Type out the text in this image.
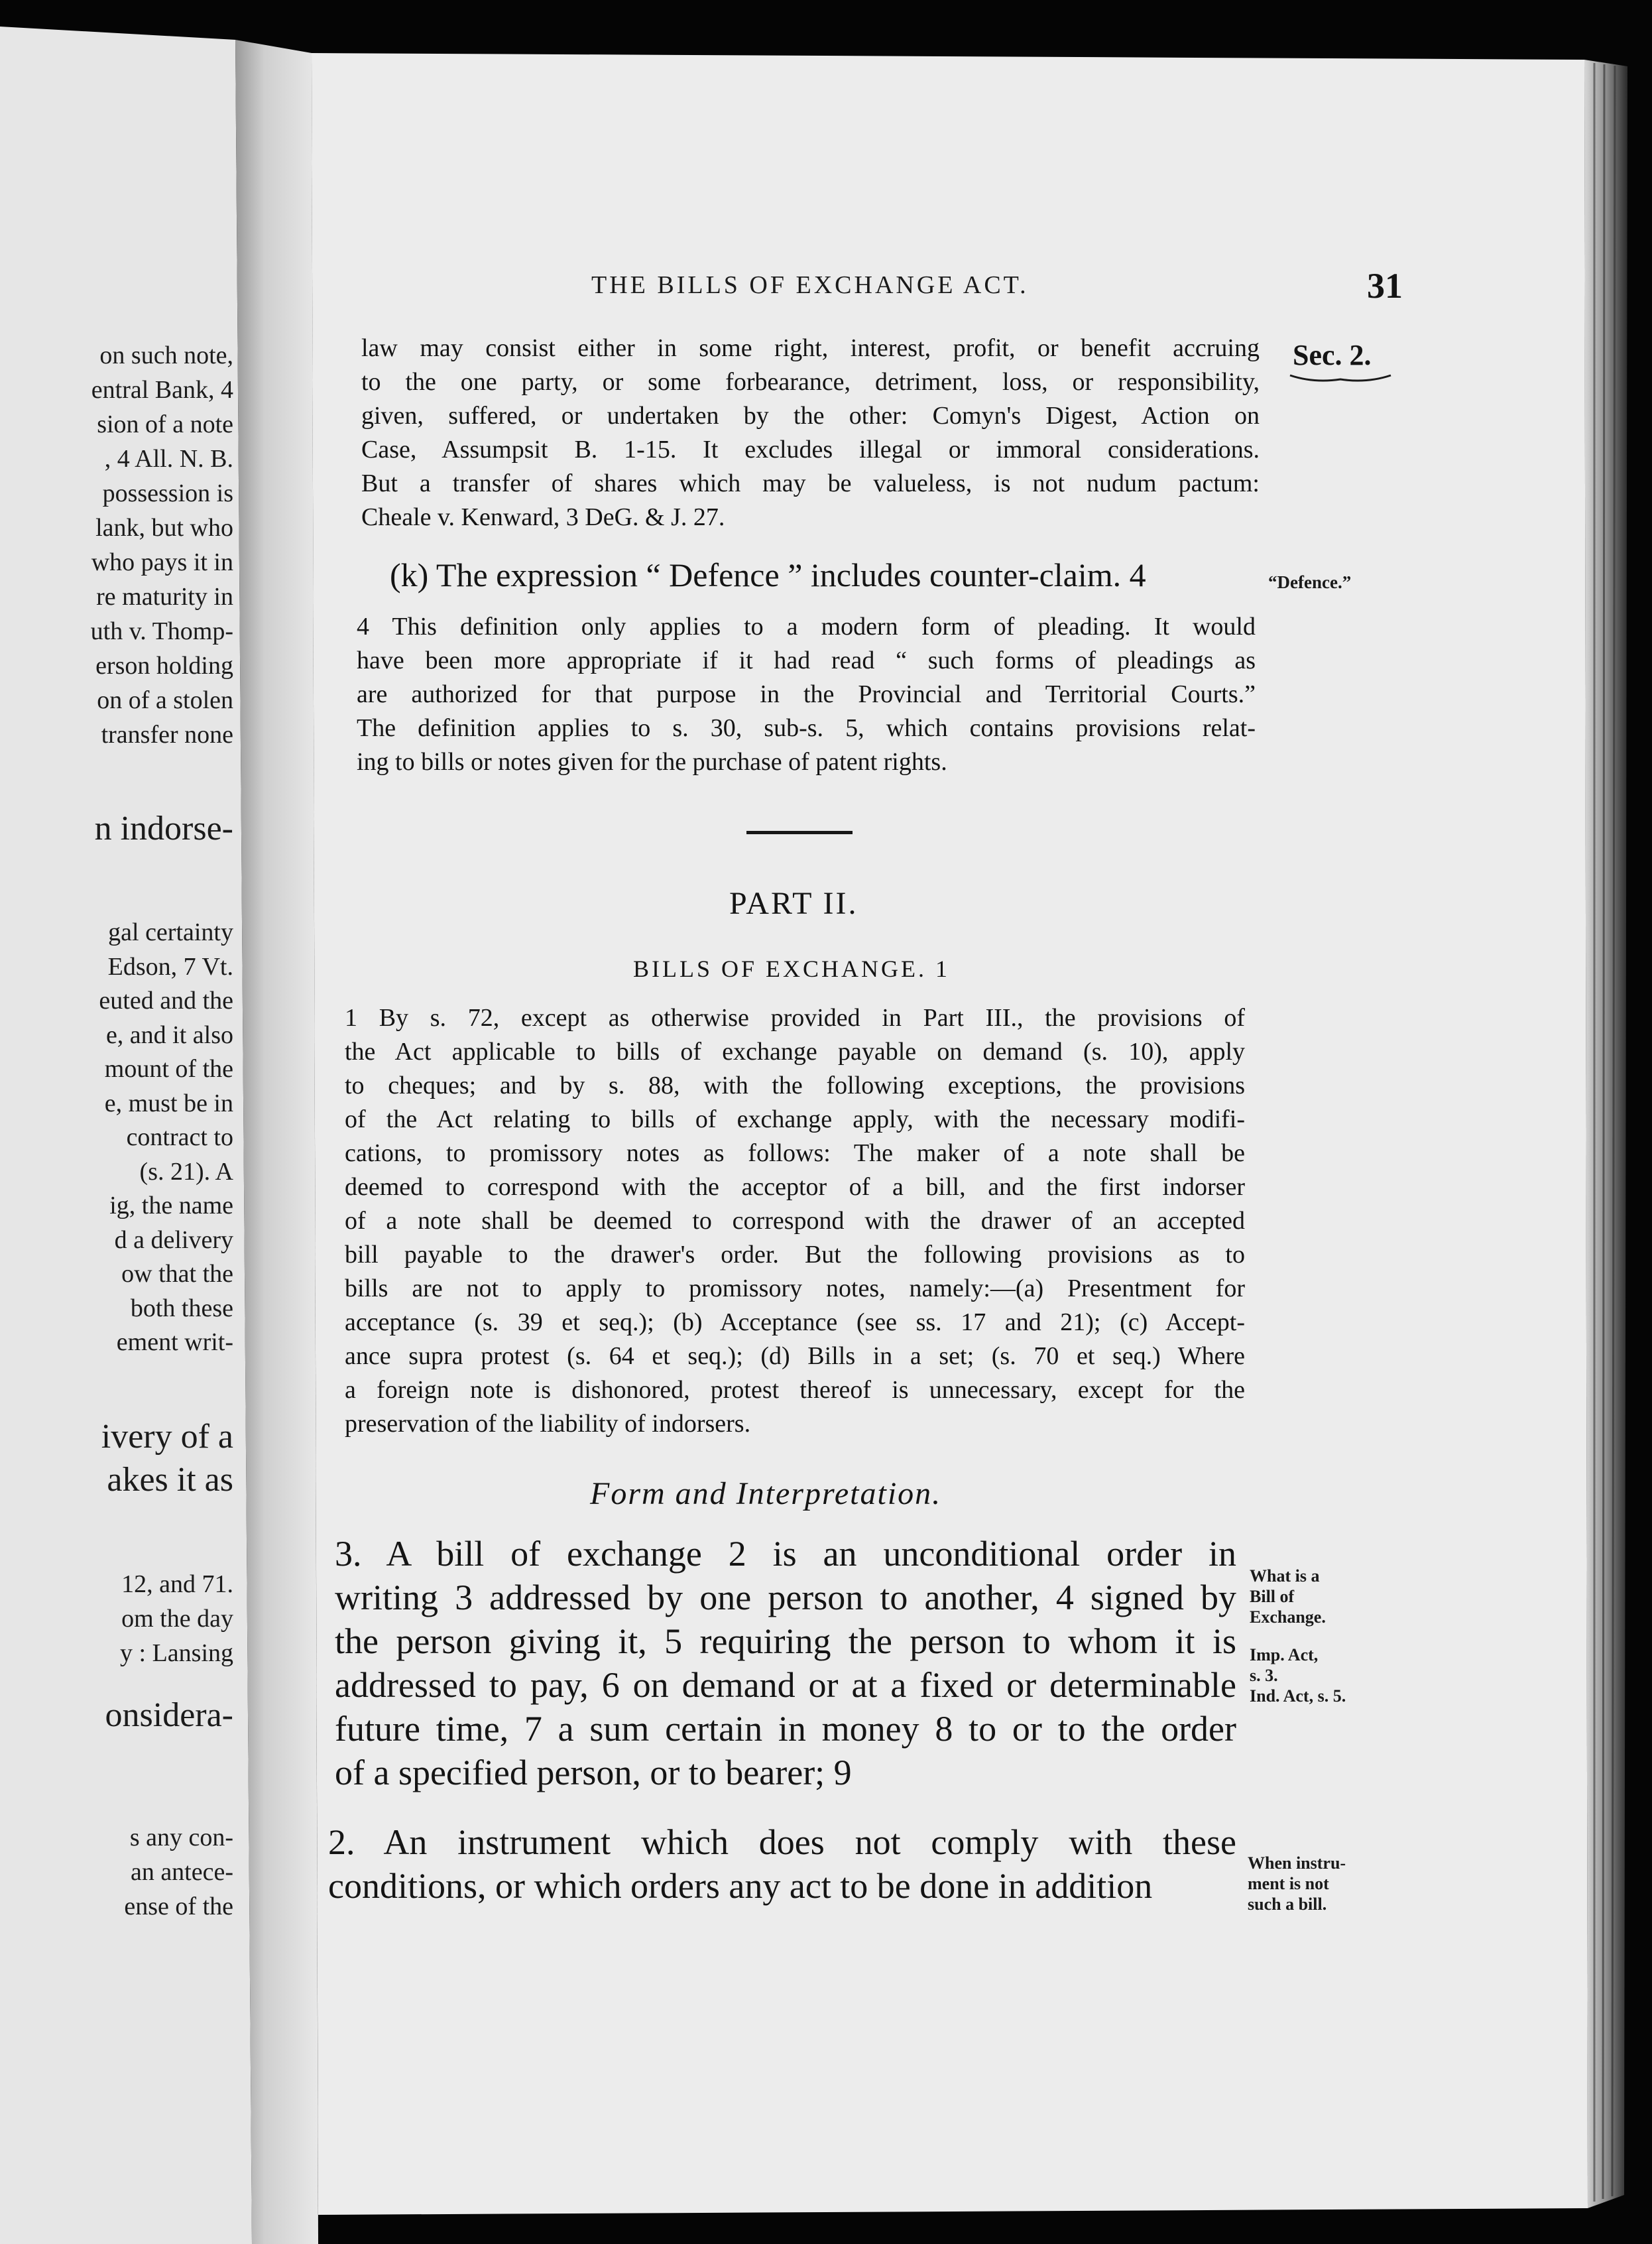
on such note,
entral Bank, 4
sion of a note
, 4 All. N. B.
possession is
lank, but who
who pays it in
re maturity in
uth v. Thomp-
erson holding
on of a stolen
transfer none
n indorse-
gal certainty
Edson, 7 Vt.
euted and the
e, and it also
mount of the
e, must be in
contract to
(s. 21). A
ig, the name
d a delivery
ow that the
both these
ement writ-
ivery of a
akes it as
12, and 71.
om the day
y : Lansing
onsidera-
s any con-
an antece-
ense of the
THE BILLS OF EXCHANGE ACT.	31
Sec. 2.
law may consist either in some right, interest, profit, or benefit accruing
to the one party, or some forbearance, detriment, loss, or responsibility,
given, suffered, or undertaken by the other: Comyn's Digest, Action on
Case, Assumpsit B. 1-15. It excludes illegal or immoral considerations.
But a transfer of shares which may be valueless, is not nudum pactum:
Cheale v. Kenward, 3 DeG. & J. 27.
(k) The expression “ Defence ” includes counter-claim. 4	“Defence.”
4 This definition only applies to a modern form of pleading. It would
have been more appropriate if it had read “ such forms of pleadings as
are authorized for that purpose in the Provincial and Territorial Courts.”
The definition applies to s. 30, sub-s. 5, which contains provisions relat-
ing to bills or notes given for the purchase of patent rights.
PART II.
BILLS OF EXCHANGE. 1
1 By s. 72, except as otherwise provided in Part III., the provisions of
the Act applicable to bills of exchange payable on demand (s. 10), apply
to cheques; and by s. 88, with the following exceptions, the provisions
of the Act relating to bills of exchange apply, with the necessary modifi-
cations, to promissory notes as follows: The maker of a note shall be
deemed to correspond with the acceptor of a bill, and the first indorser
of a note shall be deemed to correspond with the drawer of an accepted
bill payable to the drawer's order. But the following provisions as to
bills are not to apply to promissory notes, namely:—(a) Presentment for
acceptance (s. 39 et seq.); (b) Acceptance (see ss. 17 and 21); (c) Accept-
ance supra protest (s. 64 et seq.); (d) Bills in a set; (s. 70 et seq.) Where
a foreign note is dishonored, protest thereof is unnecessary, except for the
preservation of the liability of indorsers.
Form and Interpretation.
3. A bill of exchange 2 is an unconditional order in
writing 3 addressed by one person to another, 4 signed by
the person giving it, 5 requiring the person to whom it is
addressed to pay, 6 on demand or at a fixed or determinable
future time, 7 a sum certain in money 8 to or to the order
of a specified person, or to bearer; 9
What is a
Bill of
Exchange.
Imp. Act,
s. 3.
Ind. Act, s. 5.
2. An instrument which does not comply with these
conditions, or which orders any act to be done in addition
When instru-
ment is not
such a bill.
